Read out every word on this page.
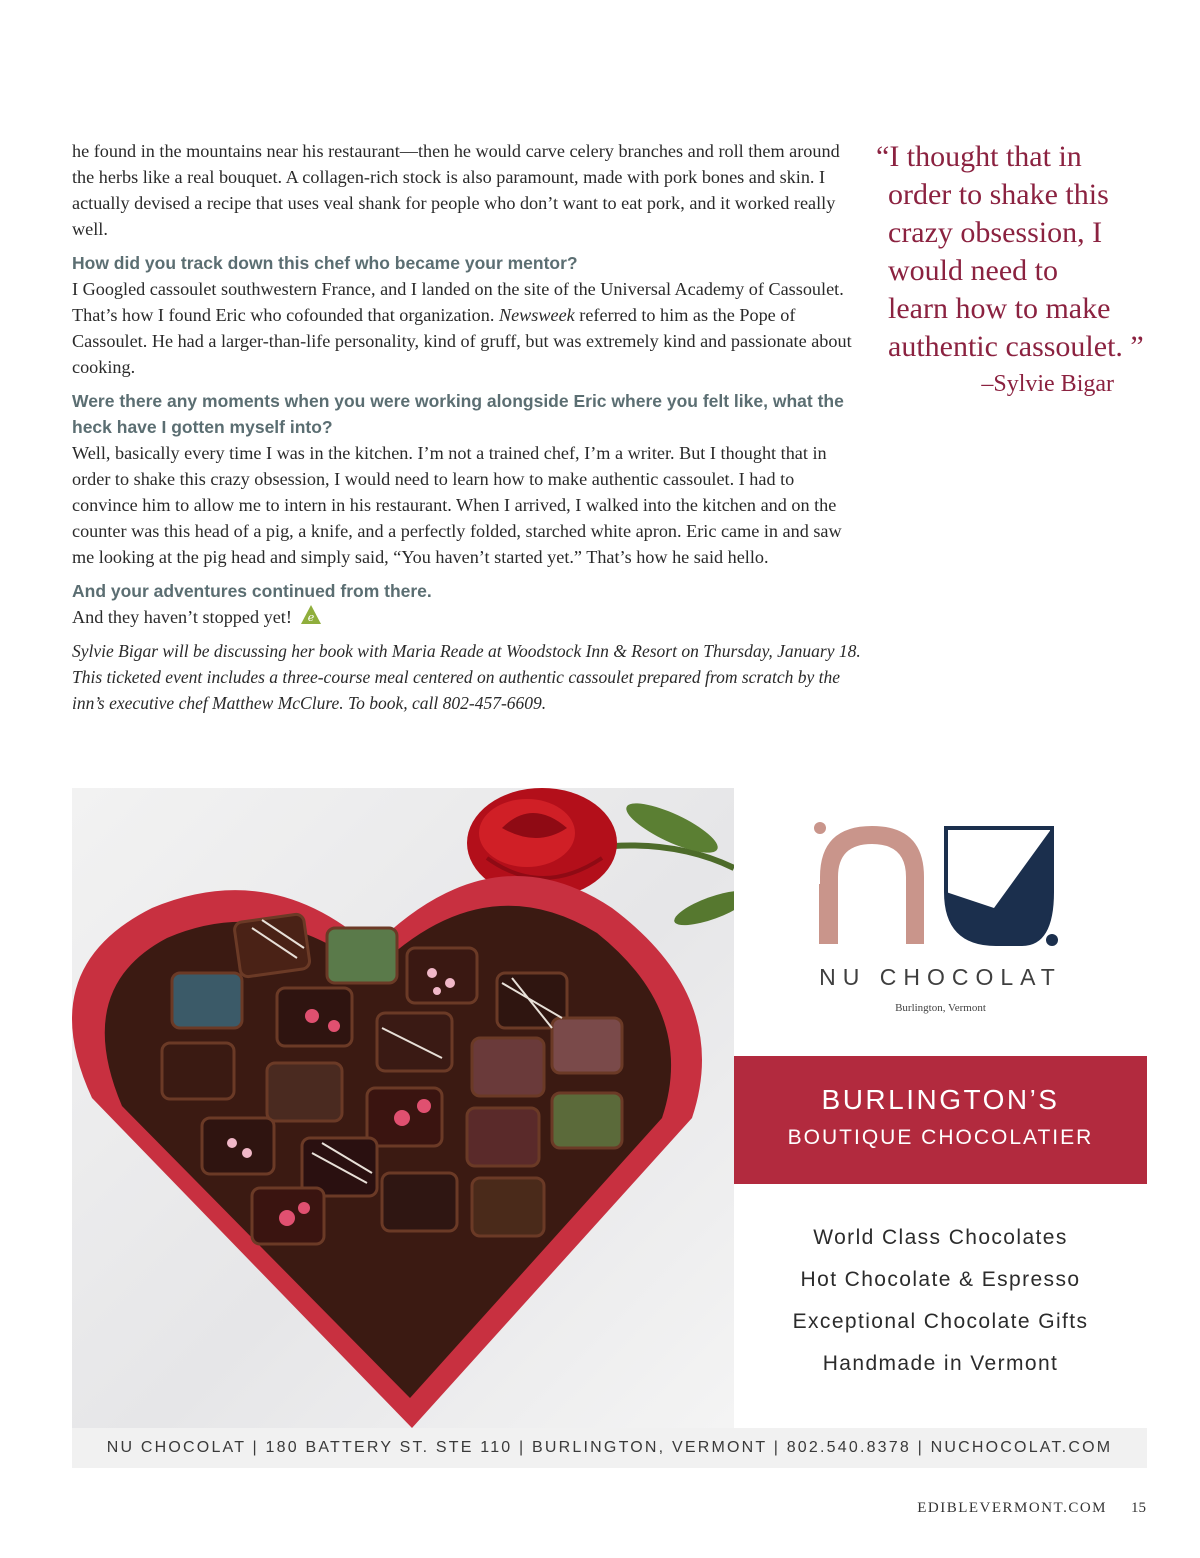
he found in the mountains near his restaurant—then he would carve celery branches and roll them around the herbs like a real bouquet. A collagen-rich stock is also paramount, made with pork bones and skin. I actually devised a recipe that uses veal shank for people who don’t want to eat pork, and it worked really well.

How did you track down this chef who became your mentor?

I Googled cassoulet southwestern France, and I landed on the site of the Universal Academy of Cassoulet. That’s how I found Eric who cofounded that organization. Newsweek referred to him as the Pope of Cassoulet. He had a larger-than-life personality, kind of gruff, but was extremely kind and passionate about cooking.

Were there any moments when you were working alongside Eric where you felt like, what the heck have I gotten myself into?

Well, basically every time I was in the kitchen. I’m not a trained chef, I’m a writer. But I thought that in order to shake this crazy obsession, I would need to learn how to make authentic cassoulet. I had to convince him to allow me to intern in his restaurant. When I arrived, I walked into the kitchen and on the counter was this head of a pig, a knife, and a perfectly folded, starched white apron. Eric came in and saw me looking at the pig head and simply said, “You haven’t started yet.” That’s how he said hello.

And your adventures continued from there.

And they haven’t stopped yet! e

Sylvie Bigar will be discussing her book with Maria Reade at Woodstock Inn & Resort on Thursday, January 18. This ticketed event includes a three-course meal centered on authentic cassoulet prepared from scratch by the inn’s executive chef Matthew McClure. To book, call 802-457-6609.

“I thought that in
order to shake this
crazy obsession, I
would need to
learn how to make
authentic cassoulet. ”
–Sylvie Bigar
NU CHOCOLAT
Burlington, Vermont
BURLINGTON’S
BOUTIQUE CHOCOLATIER
World Class Chocolates
Hot Chocolate & Espresso
Exceptional Chocolate Gifts
Handmade in Vermont
NU CHOCOLAT | 180 BATTERY ST. STE 110 | BURLINGTON, VERMONT | 802.540.8378 | NUCHOCOLAT.COM
EDIBLEVERMONT.COM 15
